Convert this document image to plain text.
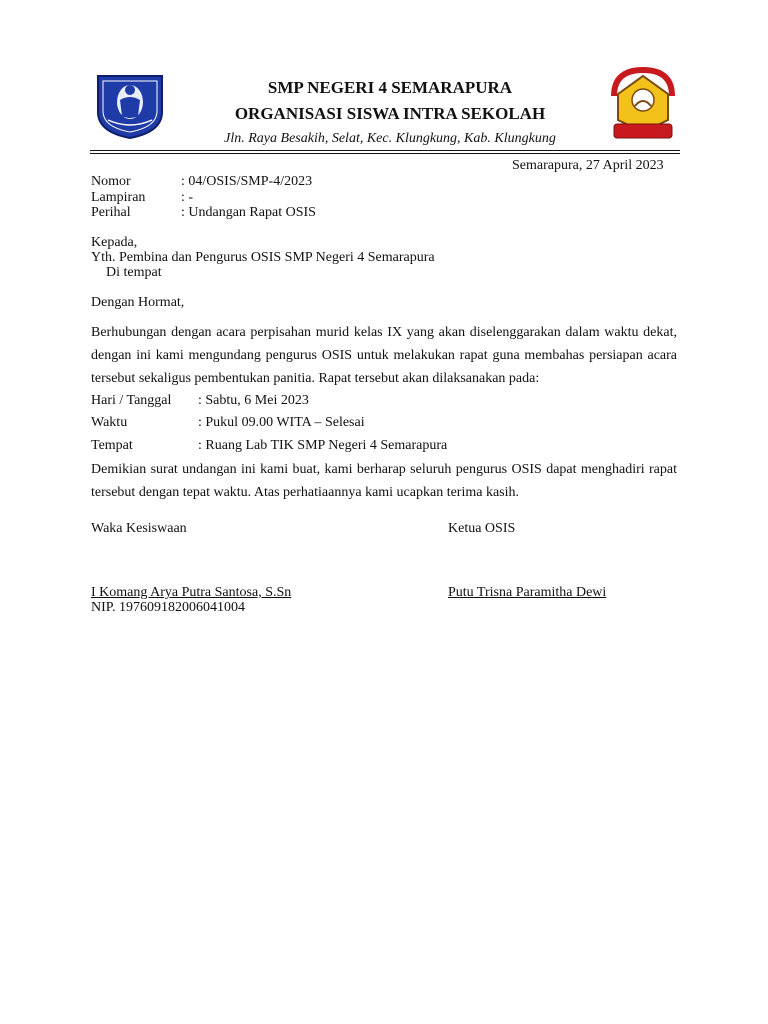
SMP NEGERI 4 SEMARAPURA
ORGANISASI SISWA INTRA SEKOLAH
Jln. Raya Besakih, Selat, Kec. Klungkung, Kab. Klungkung
Semarapura, 27 April 2023
Nomor	: 04/OSIS/SMP-4/2023
Lampiran	: -
Perihal	: Undangan Rapat OSIS
Kepada,
Yth. Pembina dan Pengurus OSIS SMP Negeri 4 Semarapura
Di tempat
Dengan Hormat,
Berhubungan dengan acara perpisahan murid kelas IX yang akan diselenggarakan dalam waktu dekat, dengan ini kami mengundang pengurus OSIS untuk melakukan rapat guna membahas persiapan acara tersebut sekaligus pembentukan panitia. Rapat tersebut akan dilaksanakan pada:
Hari / Tanggal : Sabtu, 6 Mei 2023
Waktu	: Pukul 09.00 WITA – Selesai
Tempat	: Ruang Lab TIK SMP Negeri 4 Semarapura
Demikian surat undangan ini kami buat, kami berharap seluruh pengurus OSIS dapat menghadiri rapat tersebut dengan tepat waktu. Atas perhatiaannya kami ucapkan terima kasih.
Waka Kesiswaan	Ketua OSIS
I Komang Arya Putra Santosa, S.Sn	Putu Trisna Paramitha Dewi
NIP. 197609182006041004
